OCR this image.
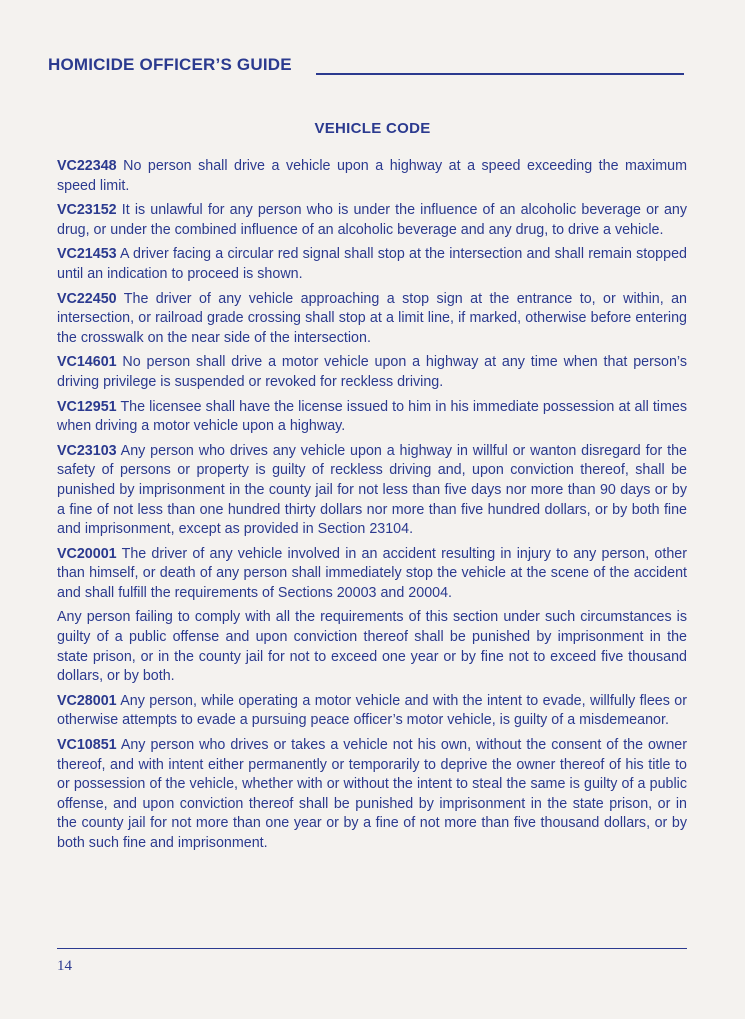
HOMICIDE OFFICER’S GUIDE
VEHICLE CODE

VC22348 No person shall drive a vehicle upon a highway at a speed exceeding the maximum speed limit.

VC23152 It is unlawful for any person who is under the influence of an alcoholic beverage or any drug, or under the combined influence of an alcoholic beverage and any drug, to drive a vehicle.

VC21453 A driver facing a circular red signal shall stop at the intersection and shall remain stopped until an indication to proceed is shown.

VC22450 The driver of any vehicle approaching a stop sign at the entrance to, or within, an intersection, or railroad grade crossing shall stop at a limit line, if marked, otherwise before entering the crosswalk on the near side of the intersection.

VC14601 No person shall drive a motor vehicle upon a highway at any time when that person’s driving privilege is suspended or revoked for reckless driving.

VC12951 The licensee shall have the license issued to him in his immediate possession at all times when driving a motor vehicle upon a highway.

VC23103 Any person who drives any vehicle upon a highway in willful or wanton disregard for the safety of persons or property is guilty of reckless driving and, upon conviction thereof, shall be punished by imprisonment in the county jail for not less than five days nor more than 90 days or by a fine of not less than one hundred thirty dollars nor more than five hundred dollars, or by both fine and imprisonment, except as provided in Section 23104.

VC20001 The driver of any vehicle involved in an accident resulting in injury to any person, other than himself, or death of any person shall immediately stop the vehicle at the scene of the accident and shall fulfill the requirements of Sections 20003 and 20004.

Any person failing to comply with all the requirements of this section under such circumstances is guilty of a public offense and upon conviction thereof shall be punished by imprisonment in the state prison, or in the county jail for not to exceed one year or by fine not to exceed five thousand dollars, or by both.

VC28001 Any person, while operating a motor vehicle and with the intent to evade, willfully flees or otherwise attempts to evade a pursuing peace officer’s motor vehicle, is guilty of a misdemeanor.

VC10851 Any person who drives or takes a vehicle not his own, without the consent of the owner thereof, and with intent either permanently or temporarily to deprive the owner thereof of his title to or possession of the vehicle, whether with or without the intent to steal the same is guilty of a public offense, and upon conviction thereof shall be punished by imprisonment in the state prison, or in the county jail for not more than one year or by a fine of not more than five thousand dollars, or by both such fine and imprisonment.

14
